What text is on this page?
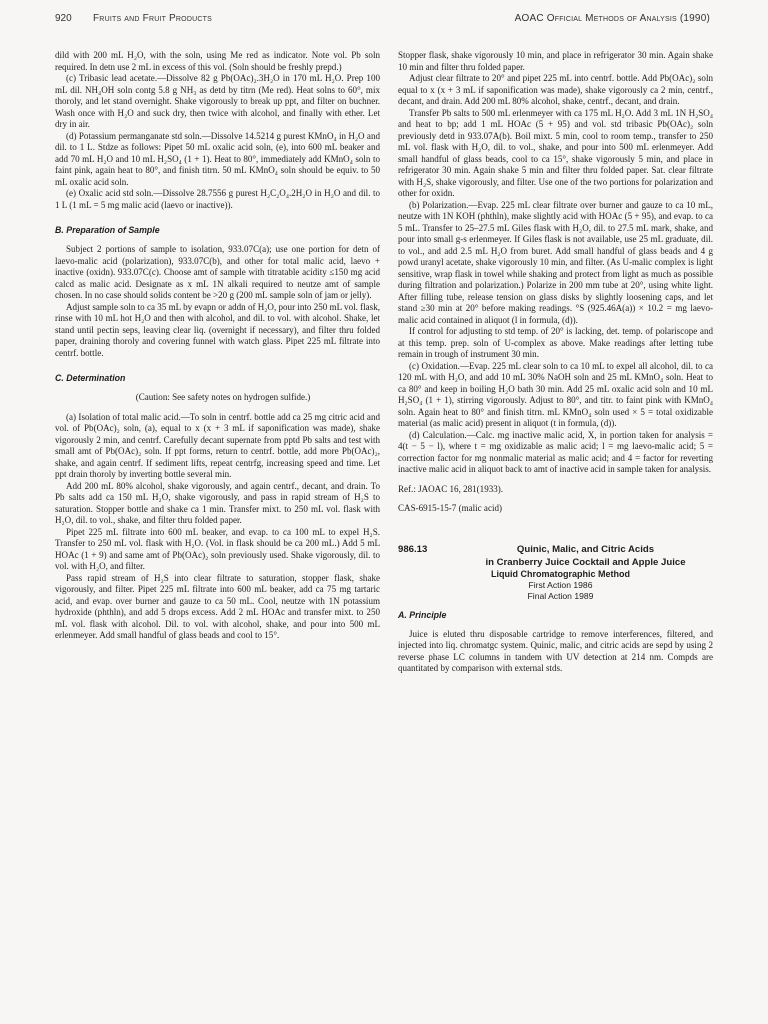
920 Fruits and Fruit Products	AOAC Official Methods of Analysis (1990)

dild with 200 mL H₂O, with the soln, using Me red as indicator. Note vol. Pb soln required. In detn use 2 mL in excess of this vol. (Soln should be freshly prepd.)

(c) Tribasic lead acetate.—Dissolve 82 g Pb(OAc)₂.3H₂O in 170 mL H₂O. Prep 100 mL dil. NH₄OH soln contg 5.8 g NH₃ as detd by titrn (Me red). Heat solns to 60°, mix thoroly, and let stand overnight. Shake vigorously to break up ppt, and filter on buchner. Wash once with H₂O and suck dry, then twice with alcohol, and finally with ether. Let dry in air.

(d) Potassium permanganate std soln.—Dissolve 14.5214 g purest KMnO₄ in H₂O and dil. to 1 L. Stdze as follows: Pipet 50 mL oxalic acid soln, (e), into 600 mL beaker and add 70 mL H₂O and 10 mL H₂SO₄ (1 + 1). Heat to 80°, immediately add KMnO₄ soln to faint pink, again heat to 80°, and finish titrn. 50 mL KMnO₄ soln should be equiv. to 50 mL oxalic acid soln.

(e) Oxalic acid std soln.—Dissolve 28.7556 g purest H₂C₂O₄.2H₂O in H₂O and dil. to 1 L (1 mL = 5 mg malic acid (laevo or inactive)).

B. Preparation of Sample

Subject 2 portions of sample to isolation, 933.07C(a); use one portion for detn of laevo-malic acid (polarization), 933.07C(b), and other for total malic acid, laevo + inactive (oxidn). 933.07C(c). Choose amt of sample with titratable acidity ≤150 mg acid calcd as malic acid. Designate as x mL 1N alkali required to neutze amt of sample chosen. In no case should solids content be >20 g (200 mL sample soln of jam or jelly).

Adjust sample soln to ca 35 mL by evapn or addn of H₂O, pour into 250 mL vol. flask, rinse with 10 mL hot H₂O and then with alcohol, and dil. to vol. with alcohol. Shake, let stand until pectin seps, leaving clear liq. (overnight if necessary), and filter thru folded paper, draining thoroly and covering funnel with watch glass. Pipet 225 mL filtrate into centrf. bottle.

C. Determination

(Caution: See safety notes on hydrogen sulfide.)

(a) Isolation of total malic acid.—To soln in centrf. bottle add ca 25 mg citric acid and vol. of Pb(OAc)₂ soln, (a), equal to x (x + 3 mL if saponification was made), shake vigorously 2 min, and centrf. Carefully decant supernate from pptd Pb salts and test with small amt of Pb(OAc)₂ soln. If ppt forms, return to centrf. bottle, add more Pb(OAc)₂, shake, and again centrf. If sediment lifts, repeat centrfg, increasing speed and time. Let ppt drain thoroly by inverting bottle several min.

Add 200 mL 80% alcohol, shake vigorously, and again centrf., decant, and drain. To Pb salts add ca 150 mL H₂O, shake vigorously, and pass in rapid stream of H₂S to saturation. Stopper bottle and shake ca 1 min. Transfer mixt. to 250 mL vol. flask with H₂O, dil. to vol., shake, and filter thru folded paper.

Pipet 225 mL filtrate into 600 mL beaker, and evap. to ca 100 mL to expel H₂S. Transfer to 250 mL vol. flask with H₂O. (Vol. in flask should be ca 200 mL.) Add 5 mL HOAc (1 + 9) and same amt of Pb(OAc)₂ soln previously used. Shake vigorously, dil. to vol. with H₂O, and filter.

Pass rapid stream of H₂S into clear filtrate to saturation, stopper flask, shake vigorously, and filter. Pipet 225 mL filtrate into 600 mL beaker, add ca 75 mg tartaric acid, and evap. over burner and gauze to ca 50 mL. Cool, neutze with 1N potassium hydroxide (phthln), and add 5 drops excess. Add 2 mL HOAc and transfer mixt. to 250 mL vol. flask with alcohol. Dil. to vol. with alcohol, shake, and pour into 500 mL erlenmeyer. Add small handful of glass beads and cool to 15°.

Stopper flask, shake vigorously 10 min, and place in refrigerator 30 min. Again shake 10 min and filter thru folded paper.

Adjust clear filtrate to 20° and pipet 225 mL into centrf. bottle. Add Pb(OAc)₂ soln equal to x (x + 3 mL if saponification was made), shake vigorously ca 2 min, centrf., decant, and drain. Add 200 mL 80% alcohol, shake, centrf., decant, and drain.

Transfer Pb salts to 500 mL erlenmeyer with ca 175 mL H₂O. Add 3 mL 1N H₂SO₄ and heat to bp; add 1 mL HOAc (5 + 95) and vol. std tribasic Pb(OAc)₂ soln previously detd in 933.07A(b). Boil mixt. 5 min, cool to room temp., transfer to 250 mL vol. flask with H₂O, dil. to vol., shake, and pour into 500 mL erlenmeyer. Add small handful of glass beads, cool to ca 15°, shake vigorously 5 min, and place in refrigerator 30 min. Again shake 5 min and filter thru folded paper. Sat. clear filtrate with H₂S, shake vigorously, and filter. Use one of the two portions for polarization and other for oxidn.

(b) Polarization.—Evap. 225 mL clear filtrate over burner and gauze to ca 10 mL, neutze with 1N KOH (phthln), make slightly acid with HOAc (5 + 95), and evap. to ca 5 mL. Transfer to 25–27.5 mL Giles flask with H₂O, dil. to 27.5 mL mark, shake, and pour into small g-s erlenmeyer. If Giles flask is not available, use 25 mL graduate, dil. to vol., and add 2.5 mL H₂O from buret. Add small handful of glass beads and 4 g powd uranyl acetate, shake vigorously 10 min, and filter. (As U-malic complex is light sensitive, wrap flask in towel while shaking and protect from light as much as possible during filtration and polarization.) Polarize in 200 mm tube at 20°, using white light. After filling tube, release tension on glass disks by slightly loosening caps, and let stand ≥30 min at 20° before making readings. °S (925.46A(a)) × 10.2 = mg laevo-malic acid contained in aliquot (l in formula, (d)).

If control for adjusting to std temp. of 20° is lacking, det. temp. of polariscope and at this temp. prep. soln of U-complex as above. Make readings after letting tube remain in trough of instrument 30 min.

(c) Oxidation.—Evap. 225 mL clear soln to ca 10 mL to expel all alcohol, dil. to ca 120 mL with H₂O, and add 10 mL 30% NaOH soln and 25 mL KMnO₄ soln. Heat to ca 80° and keep in boiling H₂O bath 30 min. Add 25 mL oxalic acid soln and 10 mL H₂SO₄ (1 + 1), stirring vigorously. Adjust to 80°, and titr. to faint pink with KMnO₄ soln. Again heat to 80° and finish titrn. mL KMnO₄ soln used × 5 = total oxidizable material (as malic acid) present in aliquot (t in formula, (d)).

(d) Calculation.—Calc. mg inactive malic acid, X, in portion taken for analysis = 4(t − 5 − l), where t = mg oxidizable as malic acid; l = mg laevo-malic acid; 5 = correction factor for mg nonmalic material as malic acid; and 4 = factor for reverting inactive malic acid in aliquot back to amt of inactive acid in sample taken for analysis.

Ref.: JAOAC 16, 281(1933).

CAS-6915-15-7 (malic acid)

986.13	Quinic, Malic, and Citric Acids
in Cranberry Juice Cocktail and Apple Juice
Liquid Chromatographic Method
First Action 1986
Final Action 1989
A. Principle

Juice is eluted thru disposable cartridge to remove interferences, filtered, and injected into liq. chromatgc system. Quinic, malic, and citric acids are sepd by using 2 reverse phase LC columns in tandem with UV detection at 214 nm. Compds are quantitated by comparison with external stds.
